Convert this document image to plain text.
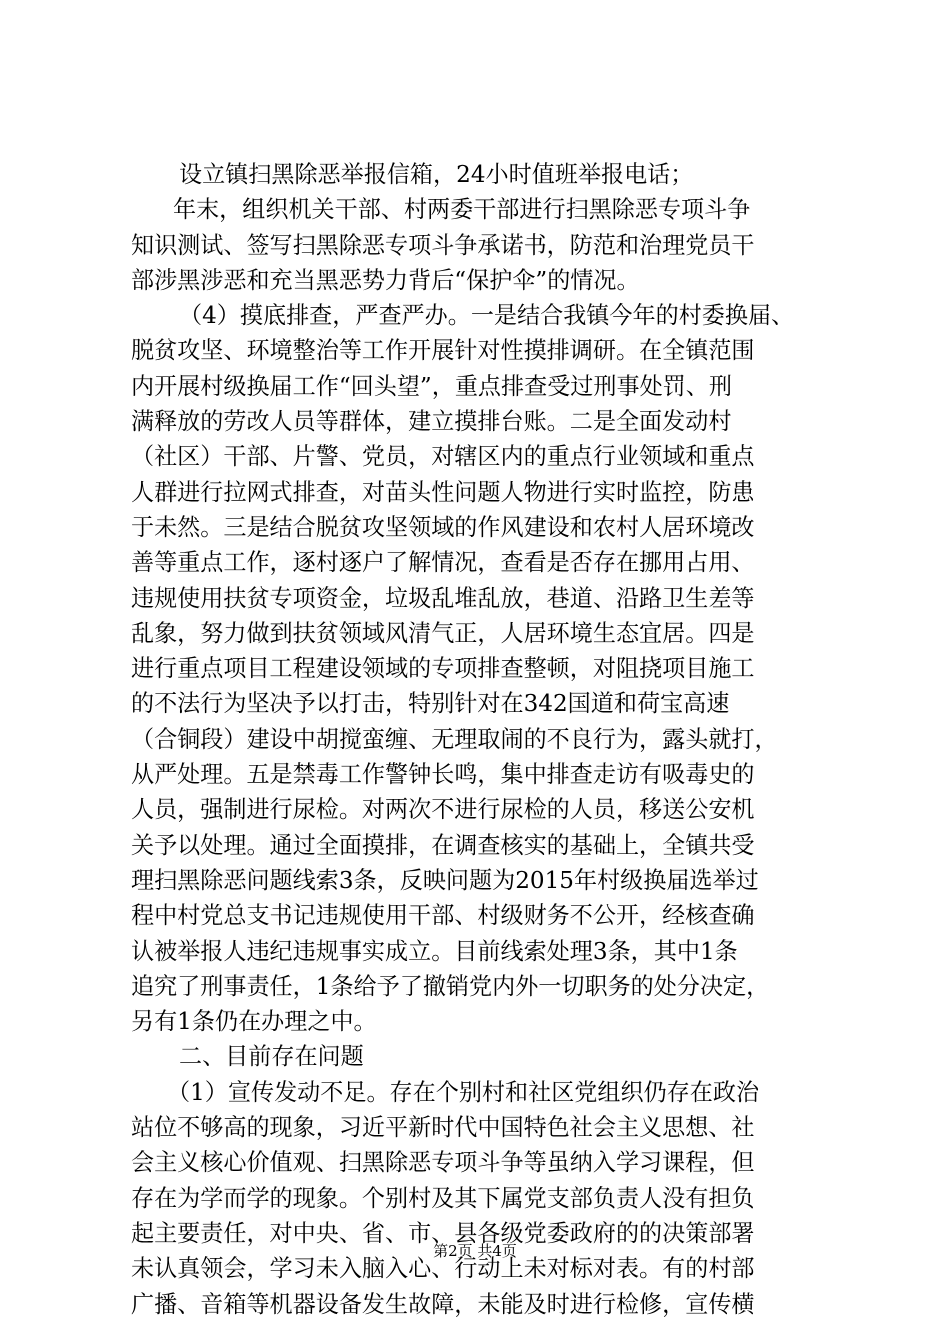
设立镇扫黑除恶举报信箱，24小时值班举报电话；
年末，组织机关干部、村两委干部进行扫黑除恶专项斗争
知识测试、签写扫黑除恶专项斗争承诺书，防范和治理党员干
部涉黑涉恶和充当黑恶势力背后“保护伞”的情况。
（4）摸底排查，严查严办。一是结合我镇今年的村委换届、
脱贫攻坚、环境整治等工作开展针对性摸排调研。在全镇范围
内开展村级换届工作“回头望”，重点排查受过刑事处罚、刑
满释放的劳改人员等群体，建立摸排台账。二是全面发动村
（社区）干部、片警、党员，对辖区内的重点行业领域和重点
人群进行拉网式排查，对苗头性问题人物进行实时监控，防患
于未然。三是结合脱贫攻坚领域的作风建设和农村人居环境改
善等重点工作，逐村逐户了解情况，查看是否存在挪用占用、
违规使用扶贫专项资金，垃圾乱堆乱放，巷道、沿路卫生差等
乱象，努力做到扶贫领域风清气正，人居环境生态宜居。四是
进行重点项目工程建设领域的专项排查整顿，对阻挠项目施工
的不法行为坚决予以打击，特别针对在342国道和荷宝高速
（合铜段）建设中胡搅蛮缠、无理取闹的不良行为，露头就打，
从严处理。五是禁毒工作警钟长鸣，集中排查走访有吸毒史的
人员，强制进行尿检。对两次不进行尿检的人员，移送公安机
关予以处理。通过全面摸排，在调查核实的基础上，全镇共受
理扫黑除恶问题线索3条，反映问题为2015年村级换届选举过
程中村党总支书记违规使用干部、村级财务不公开，经核查确
认被举报人违纪违规事实成立。目前线索处理3条，其中1条
追究了刑事责任，1条给予了撤销党内外一切职务的处分决定，
另有1条仍在办理之中。
二、目前存在问题
（1）宣传发动不足。存在个别村和社区党组织仍存在政治
站位不够高的现象，习近平新时代中国特色社会主义思想、社
会主义核心价值观、扫黑除恶专项斗争等虽纳入学习课程，但
存在为学而学的现象。个别村及其下属党支部负责人没有担负
起主要责任，对中央、省、市、县各级党委政府的的决策部署
未认真领会，学习未入脑入心、行动上未对标对表。有的村部
广播、音箱等机器设备发生故障，未能及时进行检修，宣传横
第2页 共4页
